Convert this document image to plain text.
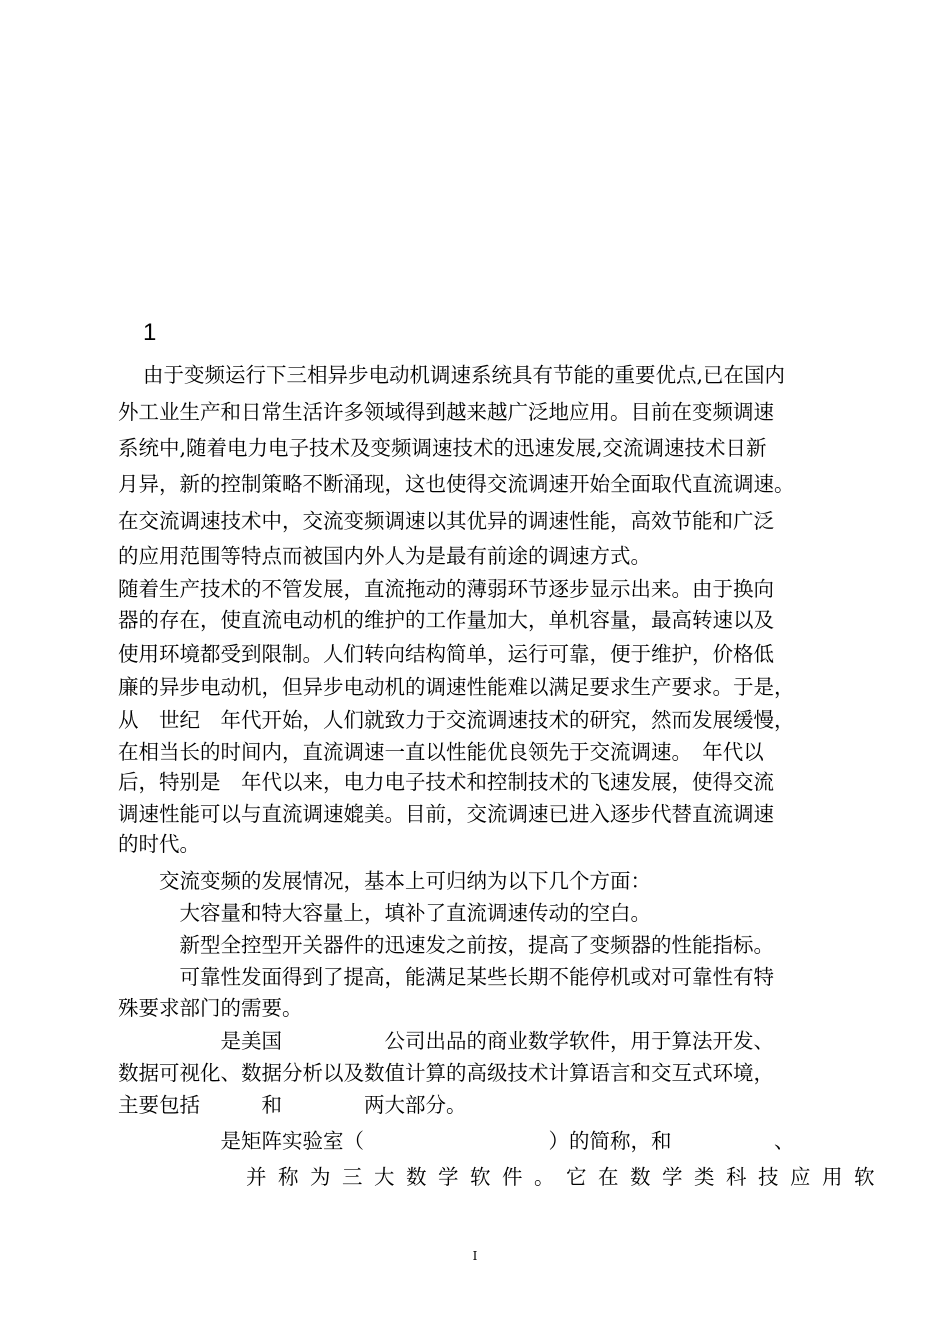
1
由于变频运行下三相异步电动机调速系统具有节能的重要优点,已在国内
外工业生产和日常生活许多领域得到越来越广泛地应用。目前在变频调速
系统中,随着电力电子技术及变频调速技术的迅速发展,交流调速技术日新
月异，新的控制策略不断涌现，这也使得交流调速开始全面取代直流调速。
在交流调速技术中，交流变频调速以其优异的调速性能，高效节能和广泛
的应用范围等特点而被国内外人为是最有前途的调速方式。
随着生产技术的不管发展，直流拖动的薄弱环节逐步显示出来。由于换向
器的存在，使直流电动机的维护的工作量加大，单机容量，最高转速以及
使用环境都受到限制。人们转向结构简单，运行可靠，便于维护，价格低
廉的异步电动机，但异步电动机的调速性能难以满足要求生产要求。于是，
从　世纪　年代开始，人们就致力于交流调速技术的研究，然而发展缓慢，
在相当长的时间内，直流调速一直以性能优良领先于交流调速。　年代以
后，特别是　年代以来，电力电子技术和控制技术的飞速发展，使得交流
调速性能可以与直流调速媲美。目前，交流调速已进入逐步代替直流调速
的时代。
　　交流变频的发展情况，基本上可归纳为以下几个方面：
　　　大容量和特大容量上，填补了直流调速传动的空白。
　　　新型全控型开关器件的迅速发之前按，提高了变频器的性能指标。
　　　可靠性发面得到了提高，能满足某些长期不能停机或对可靠性有特
殊要求部门的需要。
　　　　　是美国　　　　　公司出品的商业数学软件，用于算法开发、
数据可视化、数据分析以及数值计算的高级技术计算语言和交互式环境，
主要包括　　　和　　　　两大部分。
　　　　　是矩阵实验室（　　　　　　　　　）的简称，和　　　　　、
　　　　并称为三大数学软件。它在数学类科技应用软
I
